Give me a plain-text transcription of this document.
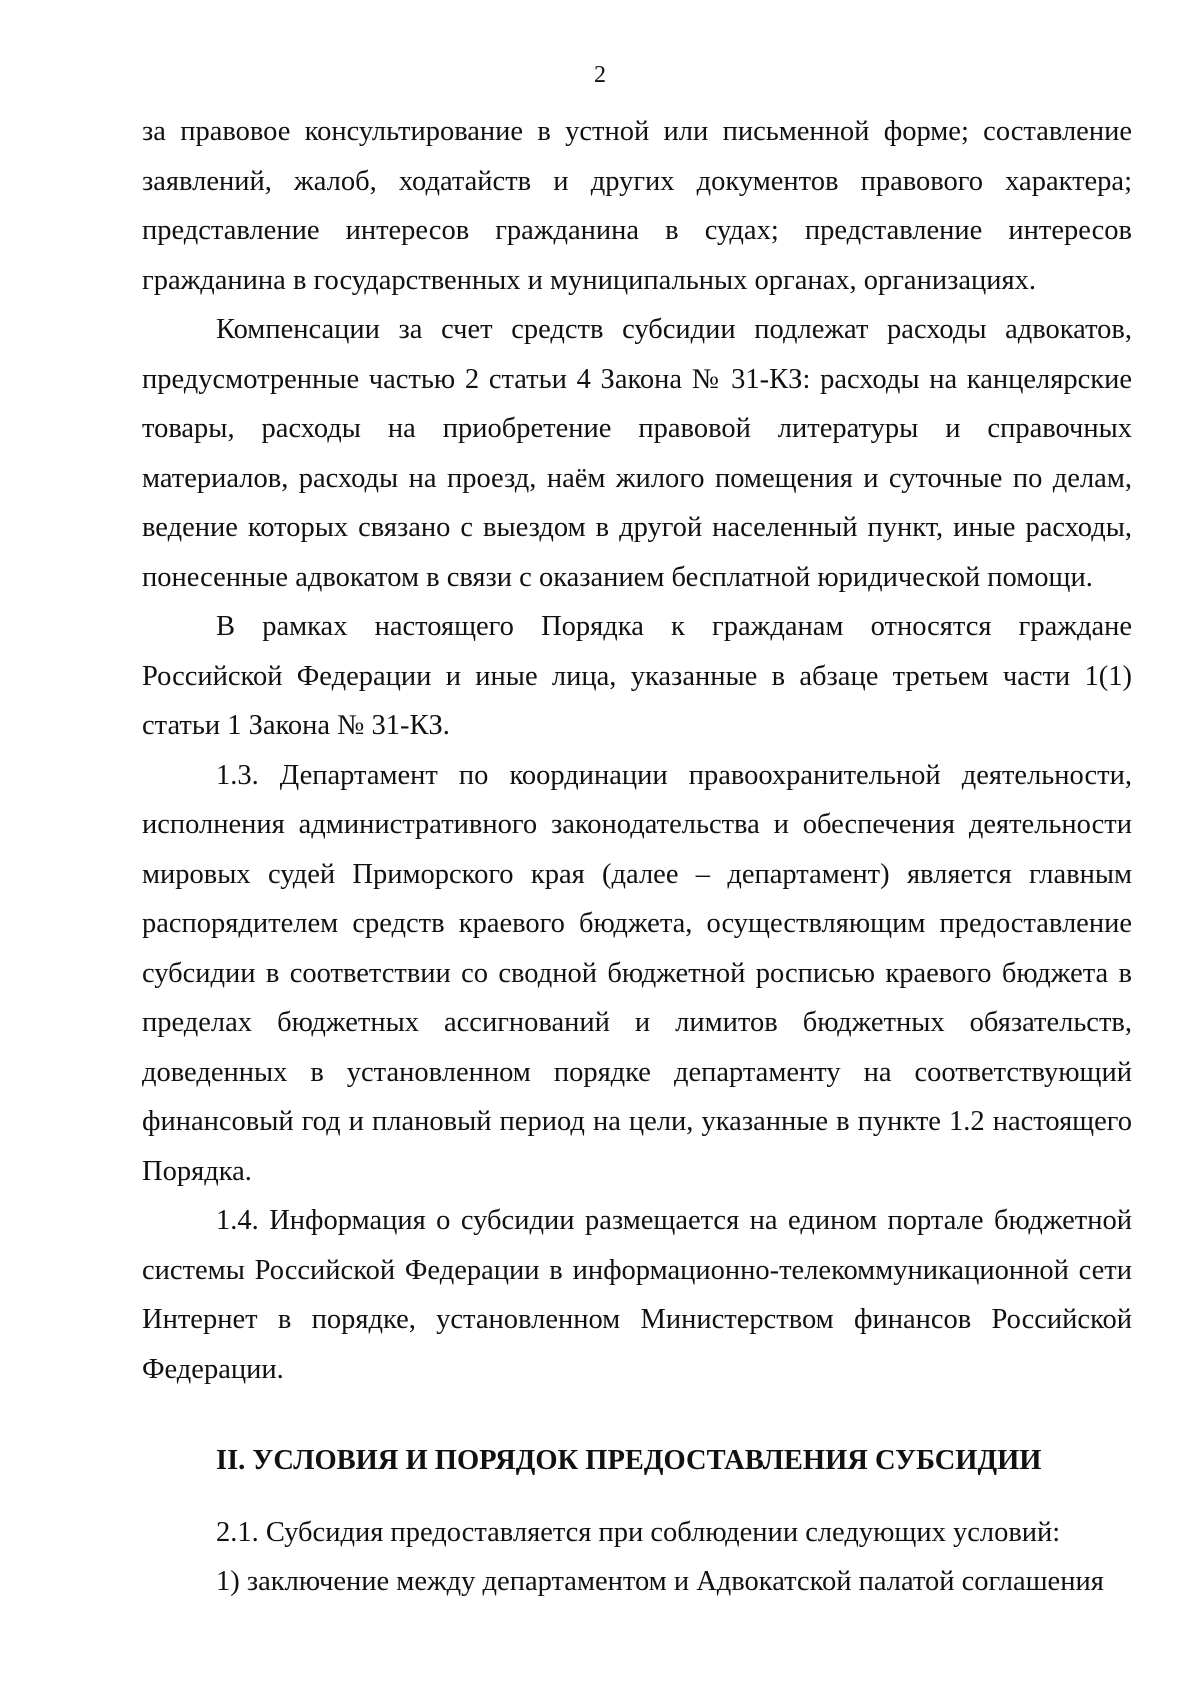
2

за правовое консультирование в устной или письменной форме; составление заявлений, жалоб, ходатайств и других документов правового характера; представление интересов гражданина в судах; представление интересов гражданина в государственных и муниципальных органах, организациях.

Компенсации за счет средств субсидии подлежат расходы адвокатов, предусмотренные частью 2 статьи 4 Закона № 31-КЗ: расходы на канцелярские товары, расходы на приобретение правовой литературы и справочных материалов, расходы на проезд, наём жилого помещения и суточные по делам, ведение которых связано с выездом в другой населенный пункт, иные расходы, понесенные адвокатом в связи с оказанием бесплатной юридической помощи.

В рамках настоящего Порядка к гражданам относятся граждане Российской Федерации и иные лица, указанные в абзаце третьем части 1(1) статьи 1 Закона № 31-КЗ.

1.3. Департамент по координации правоохранительной деятельности, исполнения административного законодательства и обеспечения деятельности мировых судей Приморского края (далее – департамент) является главным распорядителем средств краевого бюджета, осуществляющим предоставление субсидии в соответствии со сводной бюджетной росписью краевого бюджета в пределах бюджетных ассигнований и лимитов бюджетных обязательств, доведенных в установленном порядке департаменту на соответствующий финансовый год и плановый период на цели, указанные в пункте 1.2 настоящего Порядка.

1.4. Информация о субсидии размещается на едином портале бюджетной системы Российской Федерации в информационно-телекоммуникационной сети Интернет в порядке, установленном Министерством финансов Российской Федерации.

II. УСЛОВИЯ И ПОРЯДОК ПРЕДОСТАВЛЕНИЯ СУБСИДИИ

2.1. Субсидия предоставляется при соблюдении следующих условий:

1) заключение между департаментом и Адвокатской палатой соглашения
